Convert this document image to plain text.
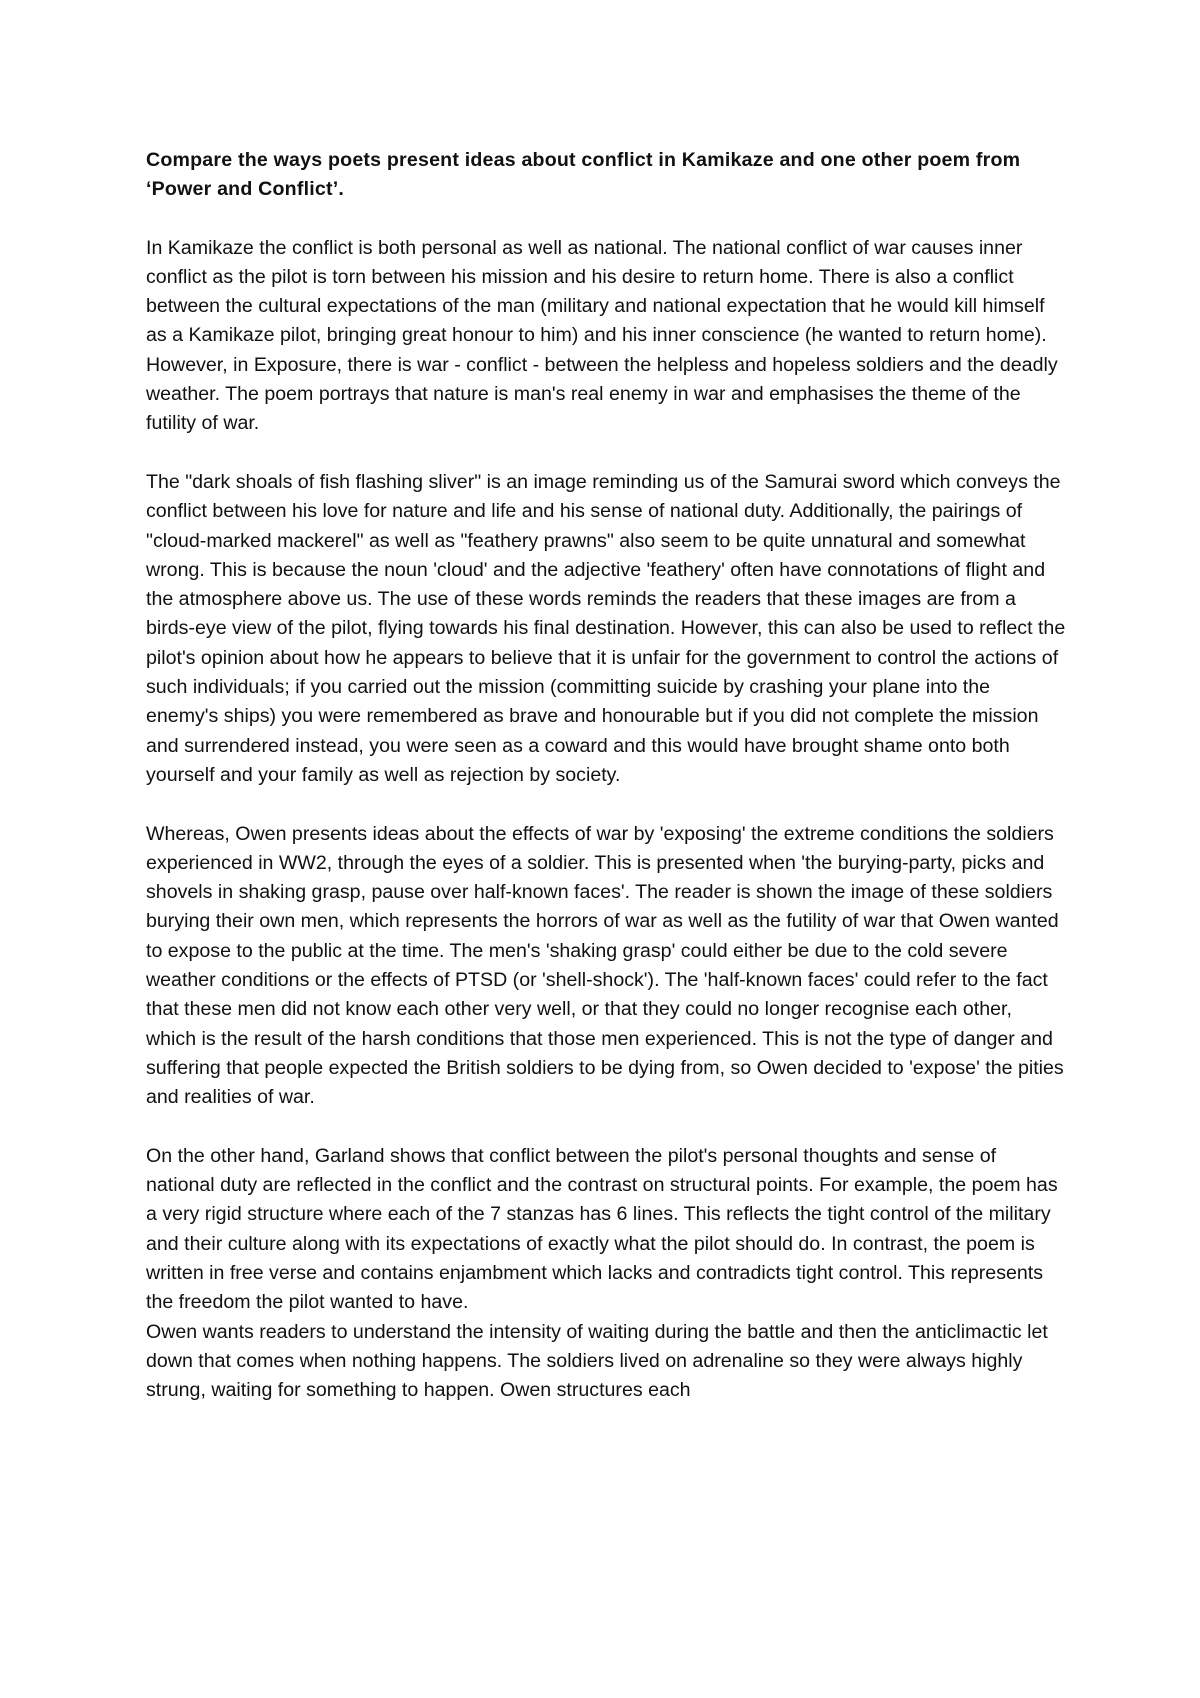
Compare the ways poets present ideas about conflict in Kamikaze and one other poem from ‘Power and Conflict’.

In Kamikaze the conflict is both personal as well as national. The national conflict of war causes inner conflict as the pilot is torn between his mission and his desire to return home. There is also a conflict between the cultural expectations of the man (military and national expectation that he would kill himself as a Kamikaze pilot, bringing great honour to him) and his inner conscience (he wanted to return home). However, in Exposure, there is war - conflict - between the helpless and hopeless soldiers and the deadly weather. The poem portrays that nature is man's real enemy in war and emphasises the theme of the futility of war.

The "dark shoals of fish flashing sliver" is an image reminding us of the Samurai sword which conveys the conflict between his love for nature and life and his sense of national duty. Additionally, the pairings of "cloud-marked mackerel" as well as "feathery prawns" also seem to be quite unnatural and somewhat wrong. This is because the noun 'cloud' and the adjective 'feathery' often have connotations of flight and the atmosphere above us. The use of these words reminds the readers that these images are from a birds-eye view of the pilot, flying towards his final destination. However, this can also be used to reflect the pilot's opinion about how he appears to believe that it is unfair for the government to control the actions of such individuals; if you carried out the mission (committing suicide by crashing your plane into the enemy's ships) you were remembered as brave and honourable but if you did not complete the mission and surrendered instead, you were seen as a coward and this would have brought shame onto both yourself and your family as well as rejection by society.

Whereas, Owen presents ideas about the effects of war by 'exposing' the extreme conditions the soldiers experienced in WW2, through the eyes of a soldier. This is presented when 'the burying-party, picks and shovels in shaking grasp, pause over half-known faces'. The reader is shown the image of these soldiers burying their own men, which represents the horrors of war as well as the futility of war that Owen wanted to expose to the public at the time. The men's 'shaking grasp' could either be due to the cold severe weather conditions or the effects of PTSD (or 'shell-shock'). The 'half-known faces' could refer to the fact that these men did not know each other very well, or that they could no longer recognise each other, which is the result of the harsh conditions that those men experienced. This is not the type of danger and suffering that people expected the British soldiers to be dying from, so Owen decided to 'expose' the pities and realities of war.

On the other hand, Garland shows that conflict between the pilot's personal thoughts and sense of national duty are reflected in the conflict and the contrast on structural points. For example, the poem has a very rigid structure where each of the 7 stanzas has 6 lines. This reflects the tight control of the military and their culture along with its expectations of exactly what the pilot should do. In contrast, the poem is written in free verse and contains enjambment which lacks and contradicts tight control. This represents the freedom the pilot wanted to have.

Owen wants readers to understand the intensity of waiting during the battle and then the anticlimactic let down that comes when nothing happens. The soldiers lived on adrenaline so they were always highly strung, waiting for something to happen. Owen structures each
